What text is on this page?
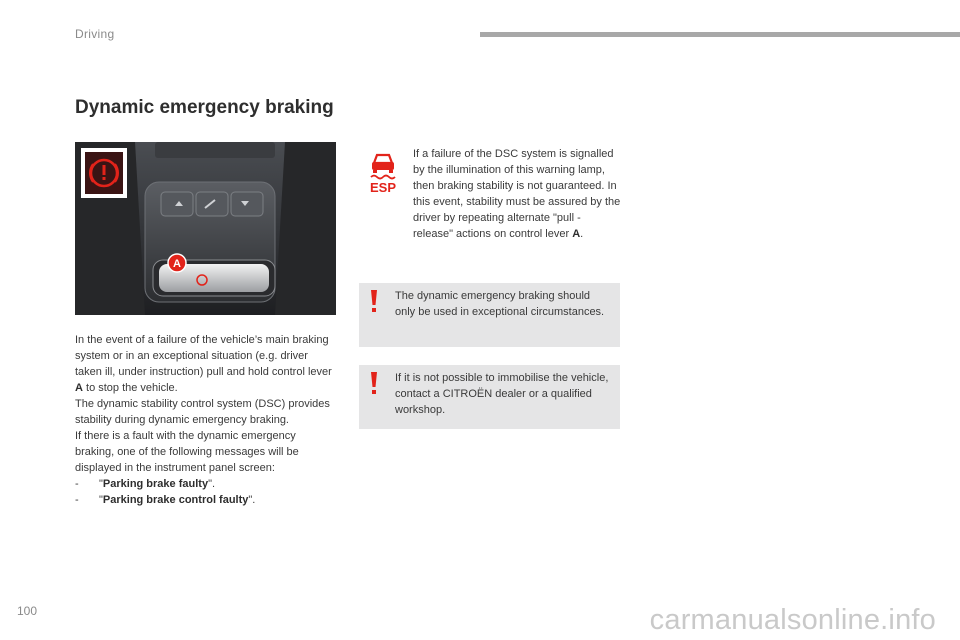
Driving
Dynamic emergency braking
A

In the event of a failure of the vehicle’s main braking system or in an exceptional situation (e.g. driver taken ill, under instruction) pull and hold control lever A to stop the vehicle.

The dynamic stability control system (DSC) provides stability during dynamic emergency braking.

If there is a fault with the dynamic emergency braking, one of the following messages will be displayed in the instrument panel screen:

-	"Parking brake faulty".
-	"Parking brake control faulty".
ESP
If a failure of the DSC system is signalled by the illumination of this warning lamp, then braking stability is not guaranteed. In this event, stability must be assured by the driver by repeating alternate "pull - release" actions on control lever A.
The dynamic emergency braking should only be used in exceptional circumstances.
If it is not possible to immobilise the vehicle, contact a CITROËN dealer or a qualified workshop.
100	carmanualsonline.info
